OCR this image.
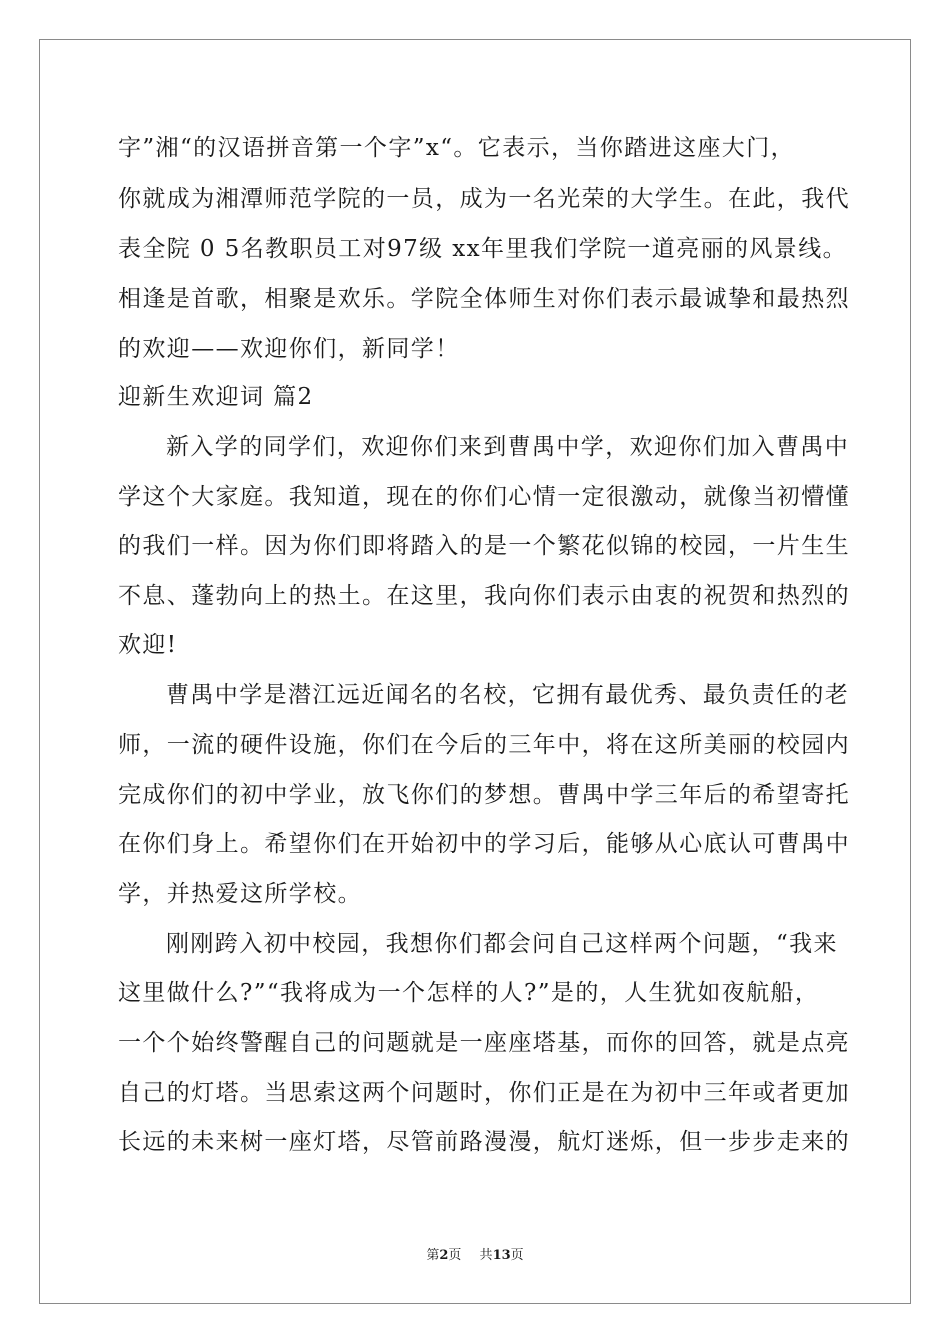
字”湘“的汉语拼音第一个字”x“。它表示，当你踏进这座大门，
你就成为湘潭师范学院的一员，成为一名光荣的大学生。在此，我代
表全院 0 5名教职员工对97级 xx年里我们学院一道亮丽的风景线。
相逢是首歌，相聚是欢乐。学院全体师生对你们表示最诚挚和最热烈
的欢迎——欢迎你们，新同学！
迎新生欢迎词 篇2
新入学的同学们，欢迎你们来到曹禺中学，欢迎你们加入曹禺中
学这个大家庭。我知道，现在的你们心情一定很激动，就像当初懵懂
的我们一样。因为你们即将踏入的是一个繁花似锦的校园，一片生生
不息、蓬勃向上的热土。在这里，我向你们表示由衷的祝贺和热烈的
欢迎!
曹禺中学是潜江远近闻名的名校，它拥有最优秀、最负责任的老
师，一流的硬件设施，你们在今后的三年中，将在这所美丽的校园内
完成你们的初中学业，放飞你们的梦想。曹禺中学三年后的希望寄托
在你们身上。希望你们在开始初中的学习后，能够从心底认可曹禺中
学，并热爱这所学校。
刚刚跨入初中校园，我想你们都会问自己这样两个问题，“我来
这里做什么?”“我将成为一个怎样的人?”是的，人生犹如夜航船，
一个个始终警醒自己的问题就是一座座塔基，而你的回答，就是点亮
自己的灯塔。当思索这两个问题时，你们正是在为初中三年或者更加
长远的未来树一座灯塔，尽管前路漫漫，航灯迷烁，但一步步走来的
第2页 共13页
